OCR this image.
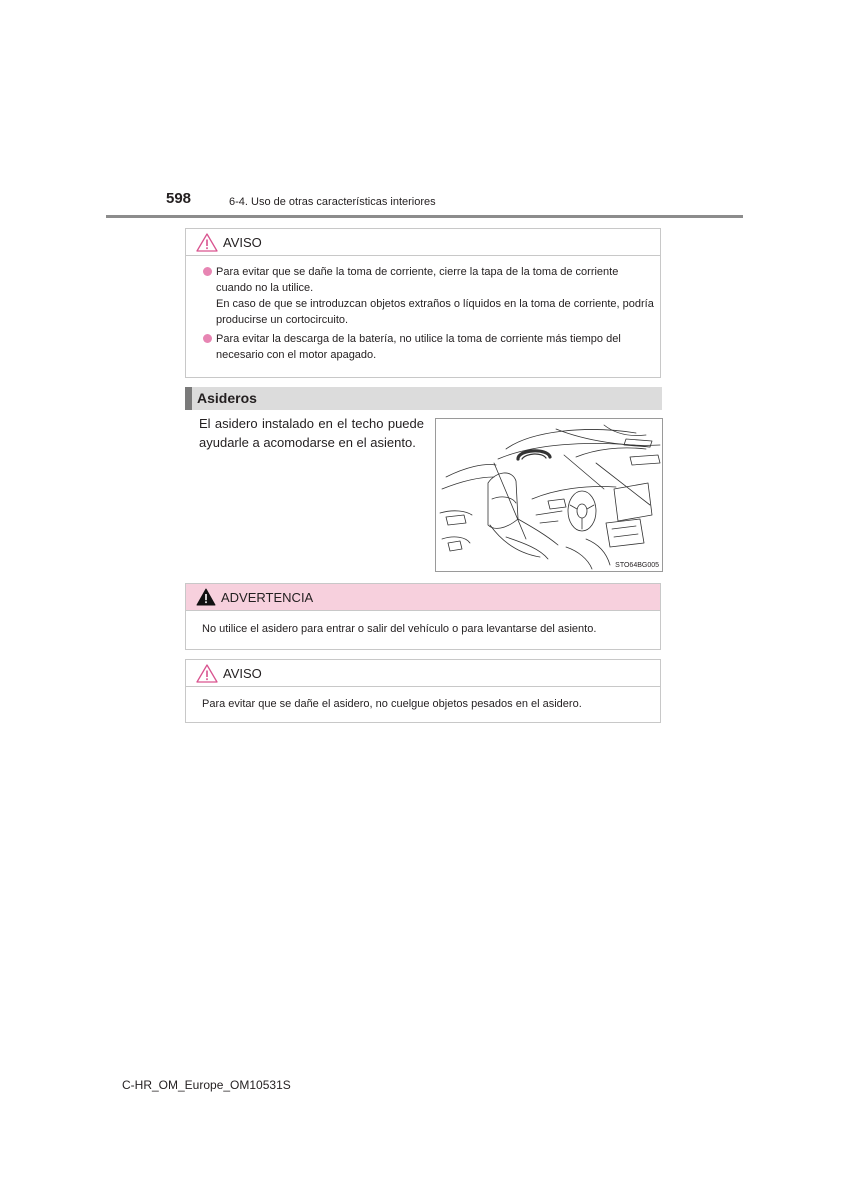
598	6-4. Uso de otras características interiores
AVISO
Para evitar que se dañe la toma de corriente, cierre la tapa de la toma de corriente cuando no la utilice.
En caso de que se introduzcan objetos extraños o líquidos en la toma de corriente, podría producirse un cortocircuito.
Para evitar la descarga de la batería, no utilice la toma de corriente más tiempo del necesario con el motor apagado.
Asideros
El asidero instalado en el techo puede ayudarle a acomodarse en el asiento.
STO64BG005
ADVERTENCIA
No utilice el asidero para entrar o salir del vehículo o para levantarse del asiento.
AVISO
Para evitar que se dañe el asidero, no cuelgue objetos pesados en el asidero.
C-HR_OM_Europe_OM10531S
